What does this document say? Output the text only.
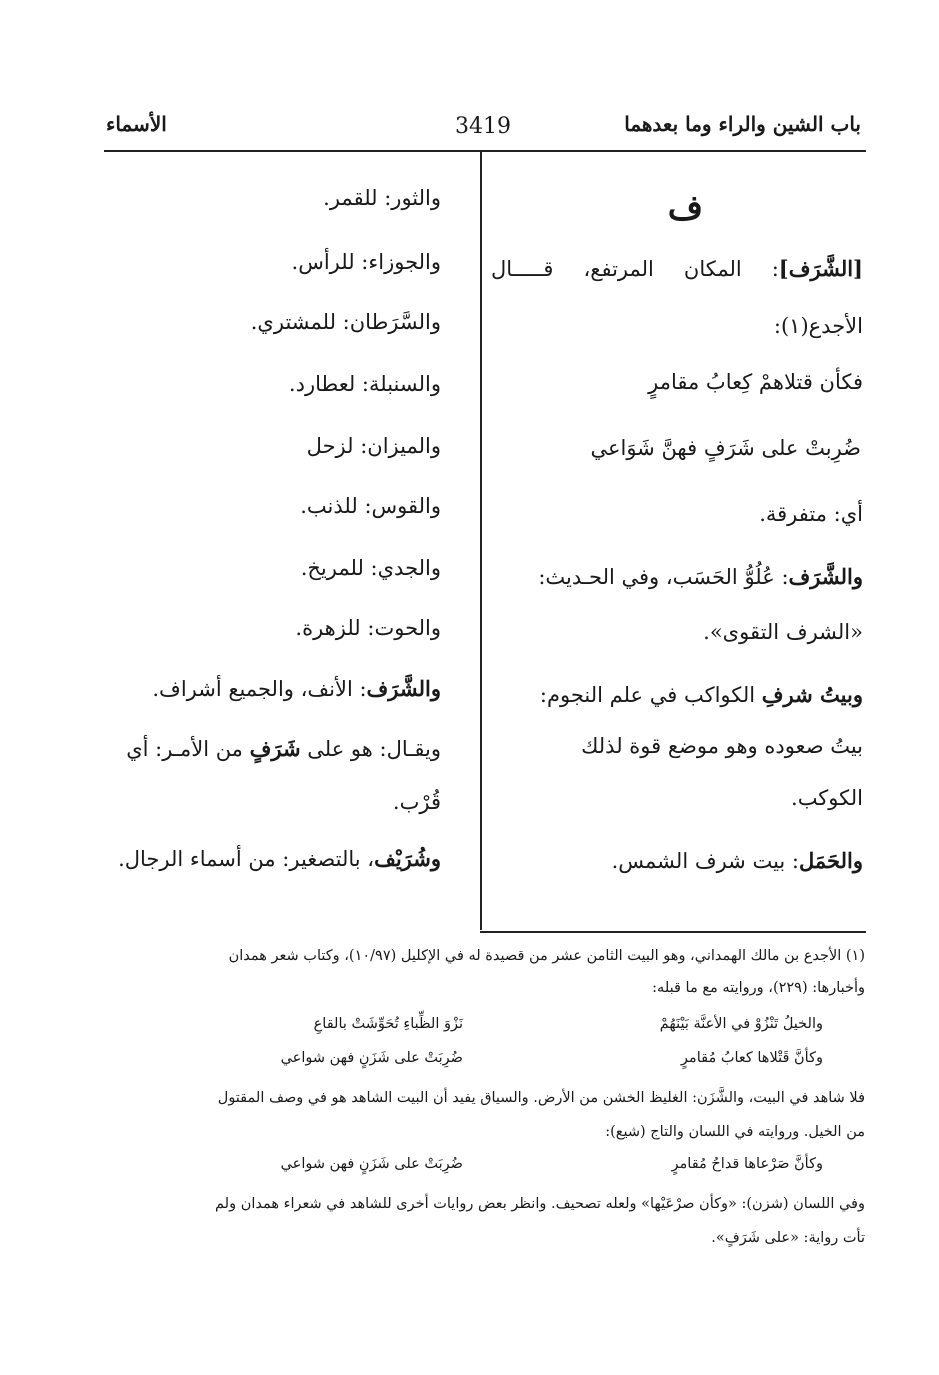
باب الشين والراء وما بعدهما
3419
الأسماء
ف
[الشَّرَف]: المكان المرتفع، قـــــال
الأجدع(١):
فكأن قتلاهمْ كِعابُ مقامرٍ
ضُرِبتْ على شَرَفٍ فهنَّ شَوَاعي
أي: متفرقة.
والشَّرَف: عُلُوُّ الحَسَب، وفي الحـديث:
«الشرف التقوى».
وبيتُ شرفِ الكواكب في علم النجوم:
بيتُ صعوده وهو موضع قوة لذلك
الكوكب.
والحَمَل: بيت شرف الشمس.
والثور: للقمر.
والجوزاء: للرأس.
والسَّرَطان: للمشتري.
والسنبلة: لعطارد.
والميزان: لزحل
والقوس: للذنب.
والجدي: للمريخ.
والحوت: للزهرة.
والشَّرَف: الأنف، والجميع أشراف.
ويقـال: هو على شَرَفٍ من الأمـر: أي
قُرْب.
وشُرَيْف، بالتصغير: من أسماء الرجال.
(١) الأجدع بن مالك الهمداني، وهو البيت الثامن عشر من قصيدة له في الإكليل (١٠/٩٧)، وكتاب شعر همدان
وأخبارها: (٢٢٩)، وروايته مع ما قبله:
والخيلُ تَنْزُوْ في الأعنَّة بَيْنَهُمْ
نَزْوَ الظِّباءِ تُحَوِّشَتْ بالقاعِ
وكأنَّ قَتْلاها كعابُ مُقامرٍ
ضُرِبَتْ على شَزَنٍ فهن شواعي
فلا شاهد في البيت، والشَّزَن: الغليظ الخشن من الأرض. والسياق يفيد أن البيت الشاهد هو في وصف المقتول
من الخيل. وروايته في اللسان والتاج (شيع):
وكأنَّ صَرْعاها قداحُ مُقامرٍ
ضُرِبَتْ على شَزَنٍ فهن شواعي
وفي اللسان (شزن): «وكأن صرْعَيْها» ولعله تصحيف. وانظر بعض روايات أخرى للشاهد في شعراء همدان ولم
تأت رواية: «على شَرَفٍ».
